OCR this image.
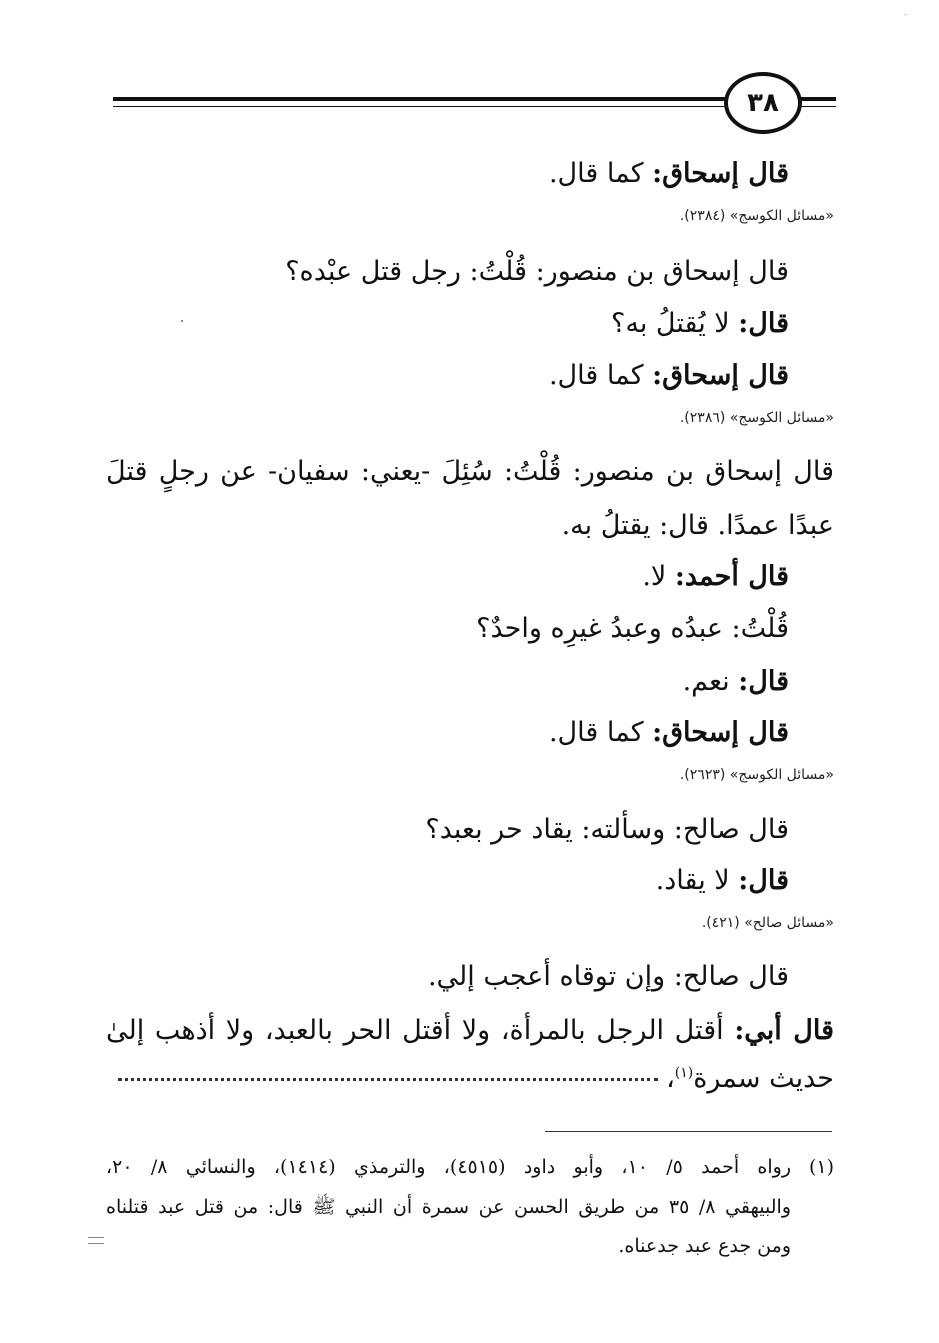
٣٨
قال إسحاق: كما قال.
«مسائل الكوسج» (٢٣٨٤).
قال إسحاق بن منصور: قُلْتُ: رجل قتل عبْده؟
قال: لا يُقتلُ به؟
قال إسحاق: كما قال.
«مسائل الكوسج» (٢٣٨٦).
قال إسحاق بن منصور: قُلْتُ: سُئِلَ -يعني: سفيان- عن رجلٍ قتلَ
عبدًا عمدًا. قال: يقتلُ به.
قال أحمد: لا.
قُلْتُ: عبدُه وعبدُ غيرِه واحدٌ؟
قال: نعم.
قال إسحاق: كما قال.
«مسائل الكوسج» (٢٦٢٣).
قال صالح: وسألته: يقاد حر بعبد؟
قال: لا يقاد.
«مسائل صالح» (٤٢١).
قال صالح: وإن توقاه أعجب إلي.
قال أبي: أقتل الرجل بالمرأة، ولا أقتل الحر بالعبد، ولا أذهب إلىٰ
حديث سمرة$^{(١)}$،
(١)
رواه أحمد ٥/ ١٠، وأبو داود (٤٥١٥)، والترمذي (١٤١٤)، والنسائي ٨/ ٢٠،
والبيهقي ٨/ ٣٥ من طريق الحسن عن سمرة أن النبي ﷺ قال: من قتل عبد قتلناه
ومن جدع عبد جدعناه.
